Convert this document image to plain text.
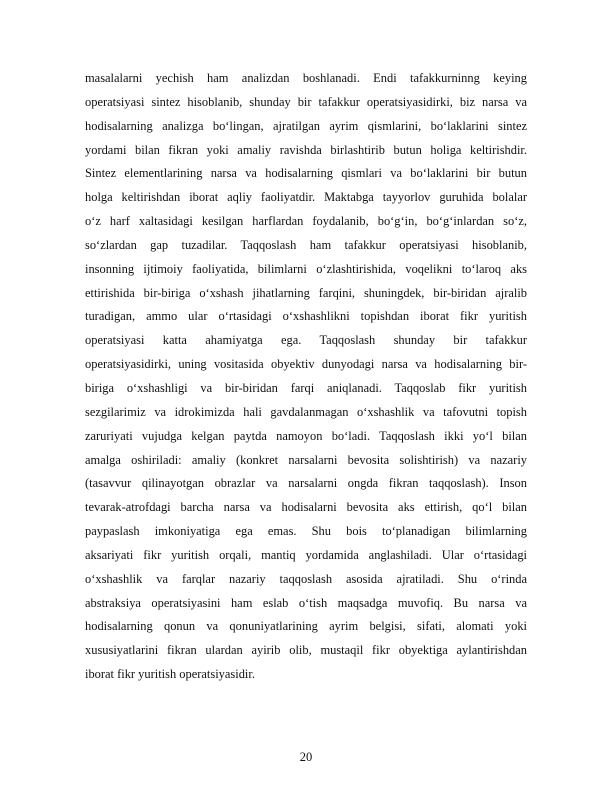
masalalarni yechish ham analizdan boshlanadi. Endi tafakkurninng keying
operatsiyasi sintez hisoblanib, shunday bir tafakkur operatsiyasidirki, biz narsa va
hodisalarning analizga bo‘lingan, ajratilgan ayrim qismlarini, bo‘laklarini sintez
yordami bilan fikran yoki amaliy ravishda birlashtirib butun holiga keltirishdir.
Sintez elementlarining narsa va hodisalarning qismlari va bo‘laklarini bir butun
holga keltirishdan iborat aqliy faoliyatdir. Maktabga tayyorlov guruhida bolalar
o‘z harf xaltasidagi kesilgan harflardan foydalanib, bo‘g‘in, bo‘g‘inlardan so‘z,
so‘zlardan gap tuzadilar. Taqqoslash ham tafakkur operatsiyasi hisoblanib,
insonning ijtimoiy faoliyatida, bilimlarni o‘zlashtirishida, voqelikni to‘laroq aks
ettirishida bir-biriga o‘xshash jihatlarning farqini, shuningdek, bir-biridan ajralib
turadigan, ammo ular o‘rtasidagi o‘xshashlikni topishdan iborat fikr yuritish
operatsiyasi katta ahamiyatga ega. Taqqoslash shunday bir tafakkur
operatsiyasidirki, uning vositasida obyektiv dunyodagi narsa va hodisalarning bir-
biriga o‘xshashligi va bir-biridan farqi aniqlanadi. Taqqoslab fikr yuritish
sezgilarimiz va idrokimizda hali gavdalanmagan o‘xshashlik va tafovutni topish
zaruriyati vujudga kelgan paytda namoyon bo‘ladi. Taqqoslash ikki yo‘l bilan
amalga oshiriladi: amaliy (konkret narsalarni bevosita solishtirish) va nazariy
(tasavvur qilinayotgan obrazlar va narsalarni ongda fikran taqqoslash). Inson
tevarak-atrofdagi barcha narsa va hodisalarni bevosita aks ettirish, qo‘l bilan
paypaslash imkoniyatiga ega emas. Shu bois to‘planadigan bilimlarning
aksariyati fikr yuritish orqali, mantiq yordamida anglashiladi. Ular o‘rtasidagi
o‘xshashlik va farqlar nazariy taqqoslash asosida ajratiladi. Shu o‘rinda
abstraksiya operatsiyasini ham eslab o‘tish maqsadga muvofiq. Bu narsa va
hodisalarning qonun va qonuniyatlarining ayrim belgisi, sifati, alomati yoki
xususiyatlarini fikran ulardan ayirib olib, mustaqil fikr obyektiga aylantirishdan
iborat fikr yuritish operatsiyasidir.
20
